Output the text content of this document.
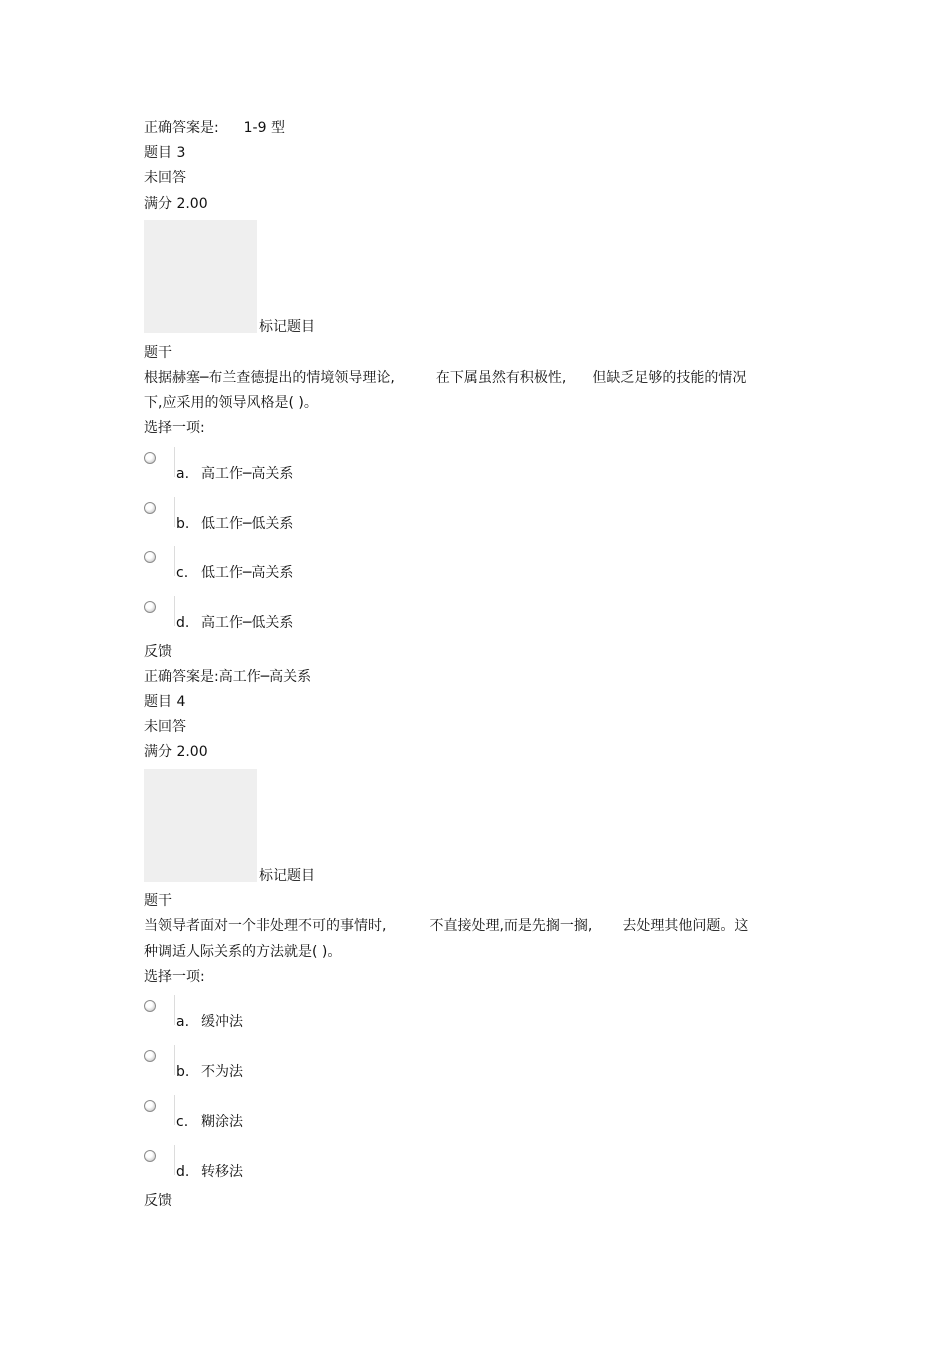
正确答案是: 1-9 型
题目 3
未回答
满分 2.00
标记题目
题干
根据赫塞─布兰查德提出的情境领导理论,	在下属虽然有积极性, 但缺乏足够的技能的情况
下,应采用的领导风格是( )。
选择一项:
a. 高工作─高关系
b. 低工作─低关系
c. 低工作─高关系
d. 高工作─低关系
反馈
正确答案是:高工作─高关系
题目 4
未回答
满分 2.00
标记题目
题干
当领导者面对一个非处理不可的事情时,	不直接处理,而是先搁一搁, 去处理其他问题。这
种调适人际关系的方法就是( )。
选择一项:
a. 缓冲法
b. 不为法
c. 糊涂法
d. 转移法
反馈
